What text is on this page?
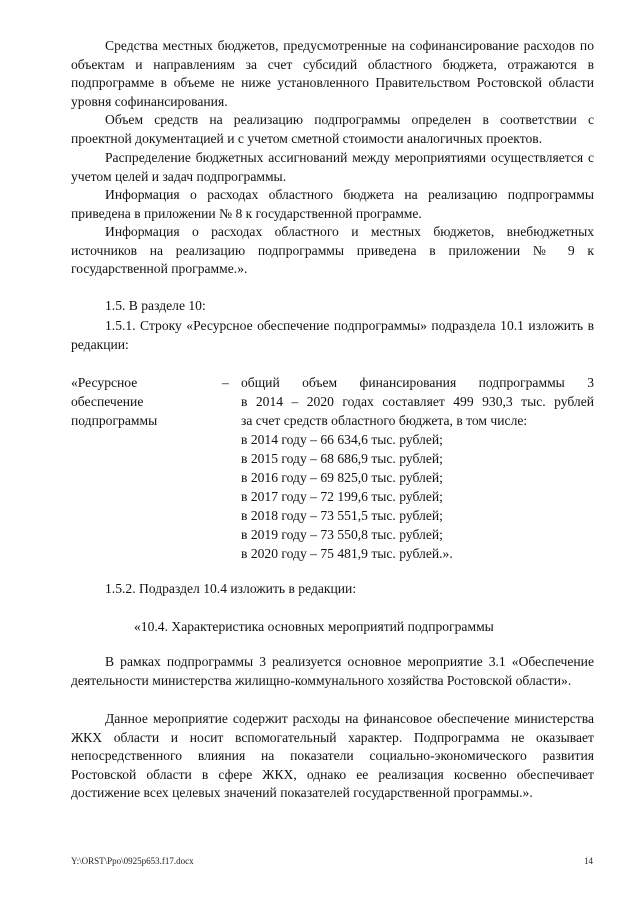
Средства местных бюджетов, предусмотренные на софинансирование расходов по объектам и направлениям за счет субсидий областного бюджета, отражаются в подпрограмме в объеме не ниже установленного Правительством Ростовской области уровня софинансирования.

Объем средств на реализацию подпрограммы определен в соответствии с проектной документацией и с учетом сметной стоимости аналогичных проектов.

Распределение бюджетных ассигнований между мероприятиями осуществляется с учетом целей и задач подпрограммы.

Информация о расходах областного бюджета на реализацию подпрограммы приведена в приложении № 8 к государственной программе.

Информация о расходах областного и местных бюджетов, внебюджетных источников на реализацию подпрограммы приведена в приложении № 9 к государственной программе.».

1.5. В разделе 10:

1.5.1. Строку «Ресурсное обеспечение подпрограммы» подраздела 10.1 изложить в редакции:

«Ресурсное
обеспечение
подпрограммы
– общий объем финансирования подпрограммы 3
в 2014 – 2020 годах составляет 499 930,3 тыс. рублей
за счет средств областного бюджета, в том числе:
в 2014 году – 66 634,6 тыс. рублей;
в 2015 году – 68 686,9 тыс. рублей;
в 2016 году – 69 825,0 тыс. рублей;
в 2017 году – 72 199,6 тыс. рублей;
в 2018 году – 73 551,5 тыс. рублей;
в 2019 году – 73 550,8 тыс. рублей;
в 2020 году – 75 481,9 тыс. рублей.».
1.5.2. Подраздел 10.4 изложить в редакции:
«10.4. Характеристика основных мероприятий подпрограммы

В рамках подпрограммы 3 реализуется основное мероприятие 3.1 «Обеспечение деятельности министерства жилищно-коммунального хозяйства Ростовской области».

Данное мероприятие содержит расходы на финансовое обеспечение министерства ЖКХ области и носит вспомогательный характер. Подпрограмма не оказывает непосредственного влияния на показатели социально-экономического развития Ростовской области в сфере ЖКХ, однако ее реализация косвенно обеспечивает достижение всех целевых значений показателей государственной программы.».

Y:\ORST\Ppo\0925p653.f17.docx	14
